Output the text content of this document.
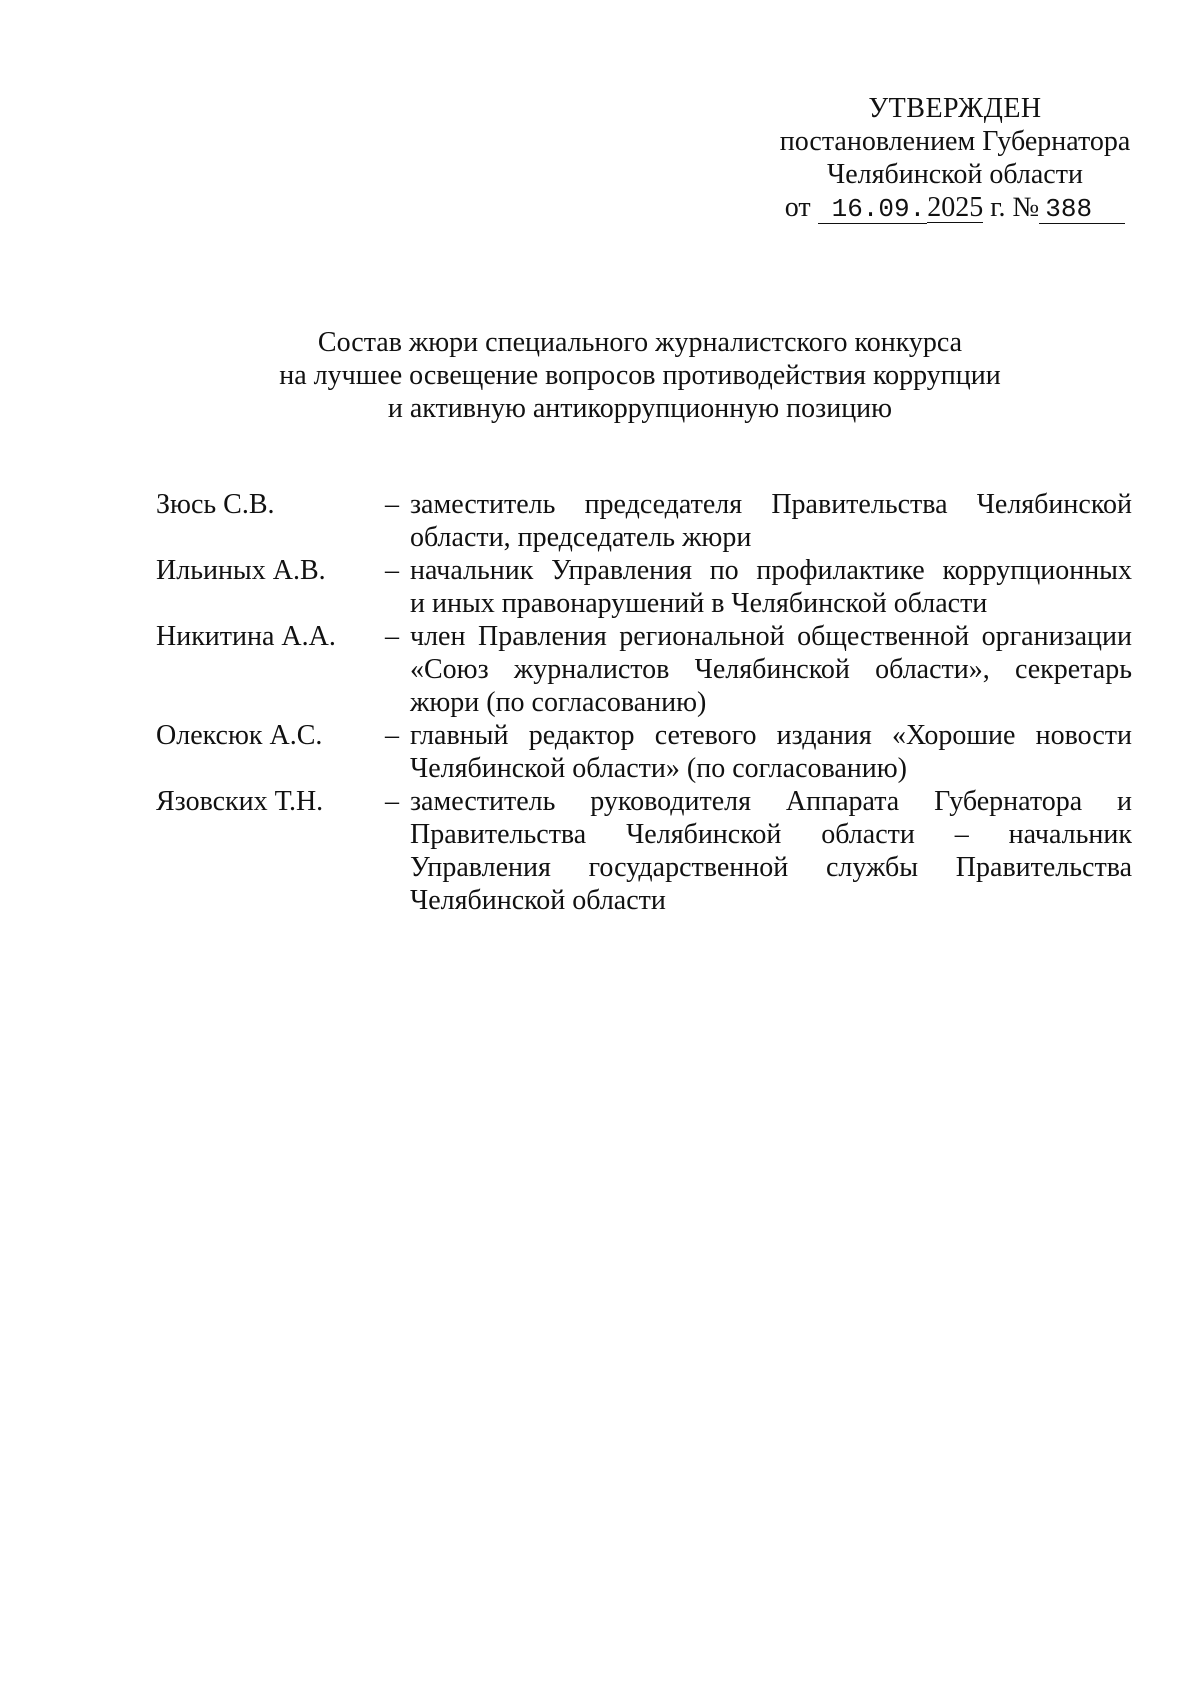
УТВЕРЖДЕН
постановлением Губернатора
Челябинской области
от 16.09.2025 г. № 388
Состав жюри специального журналистского конкурса
на лучшее освещение вопросов противодействия коррупции
и активную антикоррупционную позицию
Зюсь С.В.	– заместитель председателя Правительства Челябинской
области, председатель жюри
Ильиных А.В.	– начальник Управления по профилактике коррупционных
и иных правонарушений в Челябинской области
Никитина А.А.	– член Правления региональной общественной организации
«Союз журналистов Челябинской области», секретарь
жюри (по согласованию)
Олексюк А.С.	– главный редактор сетевого издания «Хорошие новости
Челябинской области» (по согласованию)
Язовских Т.Н.	– заместитель руководителя Аппарата Губернатора и
Правительства Челябинской области – начальник
Управления государственной службы Правительства
Челябинской области
